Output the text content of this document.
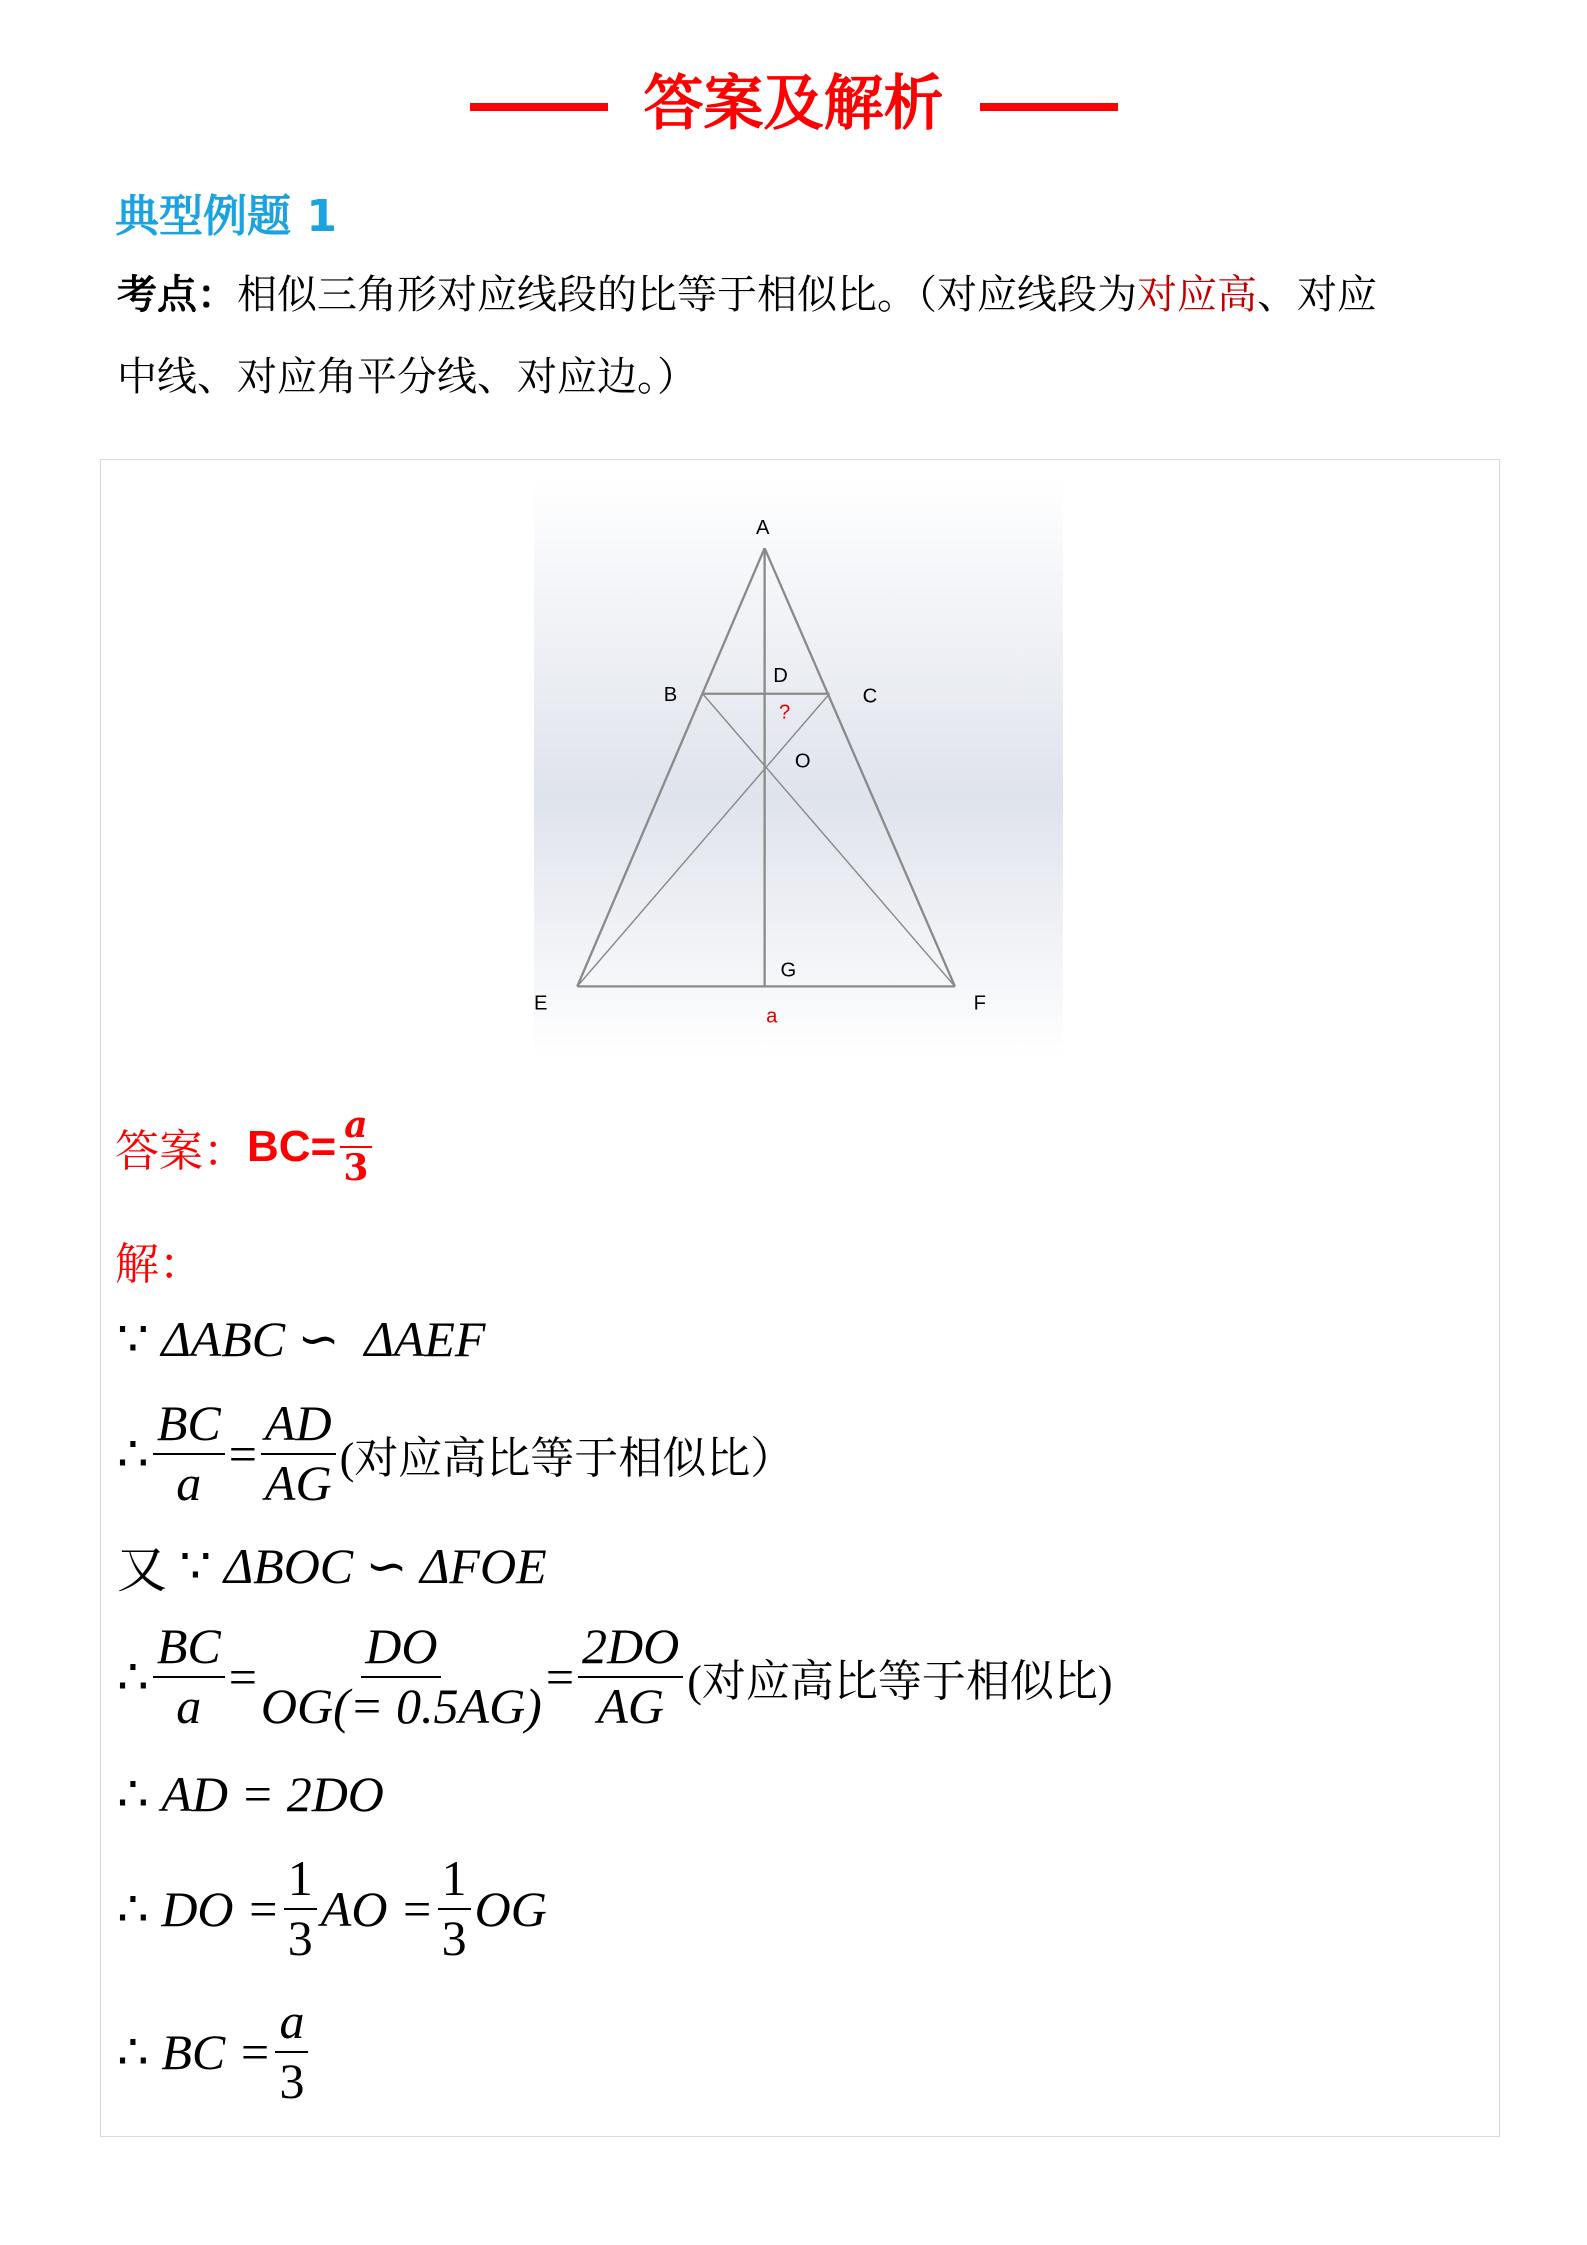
答案及解析
典型例题 1
考点：相似三角形对应线段的比等于相似比。（对应线段为对应高、对应
中线、对应角平分线、对应边。）
A
B
D
C
?
O
G
E	F
a
答案： $BC= \frac{a}{3}$
解：
∵
ΔABC
∽
ΔAEF
∴ $\frac{BC}{a} = \frac{AD}{AG}$ (对应高比等于相似比）
又
∵
ΔBOC
∽
ΔFOE
∴ $\frac{BC}{a} = \frac{DO}{OG(= 0.5AG)} = \frac{2DO}{AG}$ (对应高比等于相似比)
∴
AD = 2DO
∴
DO = $\frac{1}{3}$ AO = $\frac{1}{3}$ OG
∴
BC = $\frac{a}{3}$
